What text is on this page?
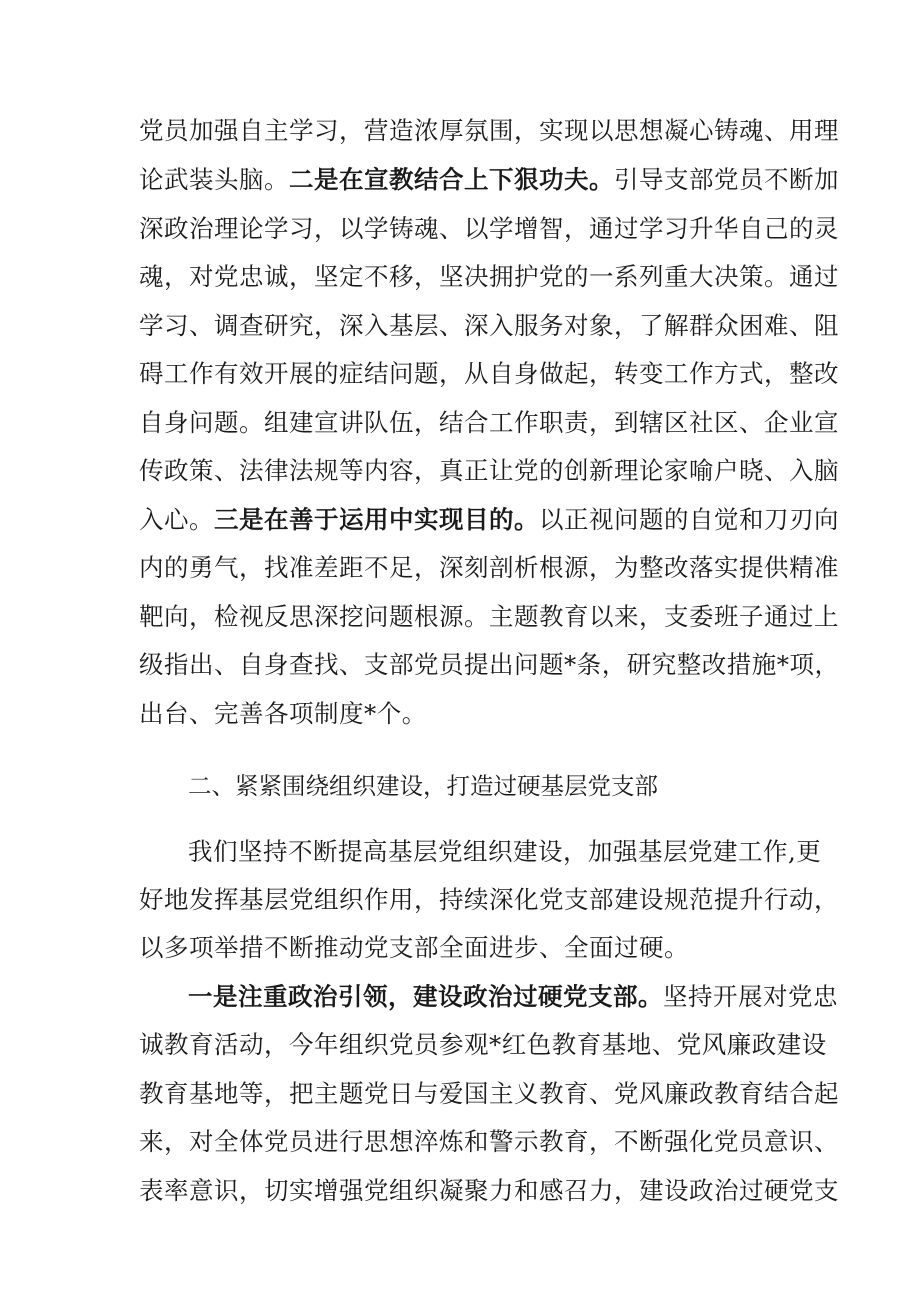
党员加强自主学习，营造浓厚氛围，实现以思想凝心铸魂、用理
论武装头脑。二是在宣教结合上下狠功夫。引导支部党员不断加
深政治理论学习，以学铸魂、以学增智，通过学习升华自己的灵
魂，对党忠诚，坚定不移，坚决拥护党的一系列重大决策。通过
学习、调查研究，深入基层、深入服务对象，了解群众困难、阻
碍工作有效开展的症结问题，从自身做起，转变工作方式，整改
自身问题。组建宣讲队伍，结合工作职责，到辖区社区、企业宣
传政策、法律法规等内容，真正让党的创新理论家喻户晓、入脑
入心。三是在善于运用中实现目的。以正视问题的自觉和刀刃向
内的勇气，找准差距不足，深刻剖析根源，为整改落实提供精准
靶向，检视反思深挖问题根源。主题教育以来，支委班子通过上
级指出、自身查找、支部党员提出问题*条，研究整改措施*项，
出台、完善各项制度*个。
二、紧紧围绕组织建设，打造过硬基层党支部
我们坚持不断提高基层党组织建设，加强基层党建工作,更
好地发挥基层党组织作用，持续深化党支部建设规范提升行动，
以多项举措不断推动党支部全面进步、全面过硬。
一是注重政治引领，建设政治过硬党支部。坚持开展对党忠
诚教育活动，今年组织党员参观*红色教育基地、党风廉政建设
教育基地等，把主题党日与爱国主义教育、党风廉政教育结合起
来，对全体党员进行思想淬炼和警示教育，不断强化党员意识、
表率意识，切实增强党组织凝聚力和感召力，建设政治过硬党支
